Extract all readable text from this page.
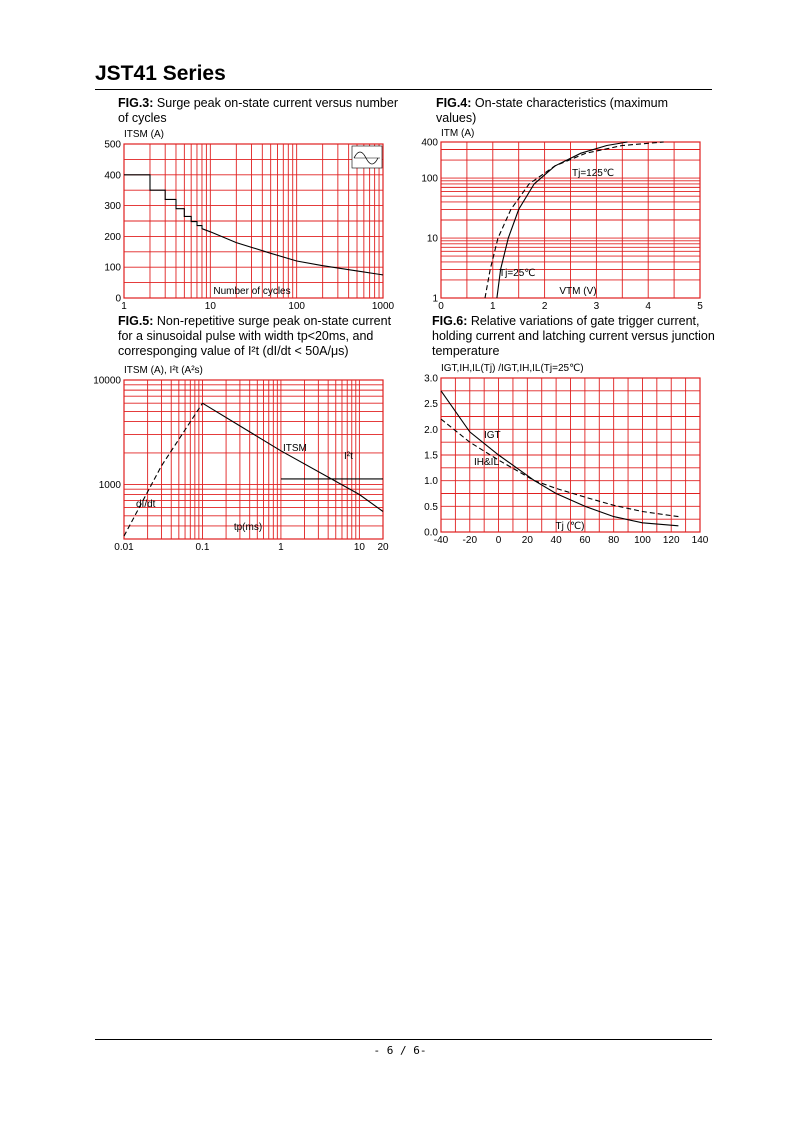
JST41 Series
FIG.3: Surge peak on-state current versus number of cycles
1	10	100	1000
0
100
200
300
400
500
ITSM (A)
Number of cycles
FIG.4: On-state characteristics (maximum values)
0	1	2	3	4	5
1
10
100
400
ITM (A)
VTM (V)
Tj=125℃
Tj=25℃
FIG.5: Non-repetitive surge peak on-state current for a sinusoidal pulse with width tp<20ms, and corresponging value of I²t (dI/dt < 50A/μs)
0.01	0.1	1	10 20
1000
10000
ITSM (A), I²t (A²s)
tp(ms)
ITSM
I²t
dI/dt
FIG.6: Relative variations of gate trigger current, holding current and latching current versus junction temperature
-40 -20 0 20 40 60 80 100 120 140
0.0
0.5
1.0
1.5
2.0
2.5
3.0
IGT,IH,IL(Tj) /IGT,IH,IL(Tj=25℃)
Tj (℃)
IGT
IH&IL
- 6 / 6-
